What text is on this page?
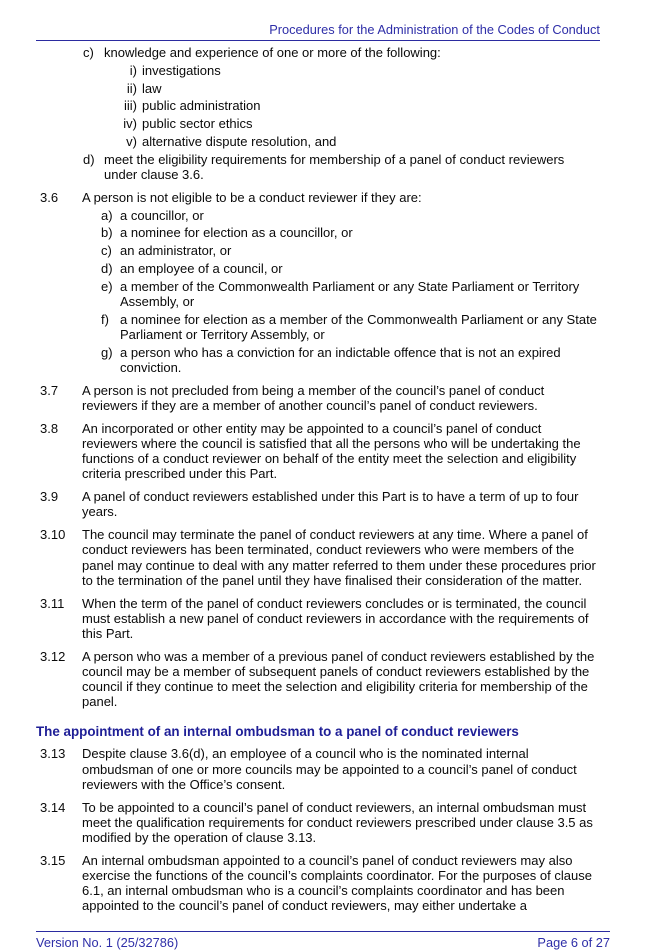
Procedures for the Administration of the Codes of Conduct
c) knowledge and experience of one or more of the following:
i) investigations
ii) law
iii) public administration
iv) public sector ethics
v) alternative dispute resolution, and
d) meet the eligibility requirements for membership of a panel of conduct reviewers under clause 3.6.
3.6	A person is not eligible to be a conduct reviewer if they are:
a) a councillor, or
b) a nominee for election as a councillor, or
c) an administrator, or
d) an employee of a council, or
e) a member of the Commonwealth Parliament or any State Parliament or Territory Assembly, or
f) a nominee for election as a member of the Commonwealth Parliament or any State Parliament or Territory Assembly, or
g) a person who has a conviction for an indictable offence that is not an expired conviction.
3.7	A person is not precluded from being a member of the council’s panel of conduct reviewers if they are a member of another council’s panel of conduct reviewers.
3.8	An incorporated or other entity may be appointed to a council’s panel of conduct reviewers where the council is satisfied that all the persons who will be undertaking the functions of a conduct reviewer on behalf of the entity meet the selection and eligibility criteria prescribed under this Part.
3.9	A panel of conduct reviewers established under this Part is to have a term of up to four years.
3.10	The council may terminate the panel of conduct reviewers at any time. Where a panel of conduct reviewers has been terminated, conduct reviewers who were members of the panel may continue to deal with any matter referred to them under these procedures prior to the termination of the panel until they have finalised their consideration of the matter.
3.11	When the term of the panel of conduct reviewers concludes or is terminated, the council must establish a new panel of conduct reviewers in accordance with the requirements of this Part.
3.12	A person who was a member of a previous panel of conduct reviewers established by the council may be a member of subsequent panels of conduct reviewers established by the council if they continue to meet the selection and eligibility criteria for membership of the panel.
The appointment of an internal ombudsman to a panel of conduct reviewers
3.13	Despite clause 3.6(d), an employee of a council who is the nominated internal ombudsman of one or more councils may be appointed to a council’s panel of conduct reviewers with the Office’s consent.
3.14	To be appointed to a council’s panel of conduct reviewers, an internal ombudsman must meet the qualification requirements for conduct reviewers prescribed under clause 3.5 as modified by the operation of clause 3.13.
3.15	An internal ombudsman appointed to a council’s panel of conduct reviewers may also exercise the functions of the council’s complaints coordinator. For the purposes of clause 6.1, an internal ombudsman who is a council’s complaints coordinator and has been appointed to the council’s panel of conduct reviewers, may either undertake a
Version No. 1 (25/32786)	Page 6 of 27
